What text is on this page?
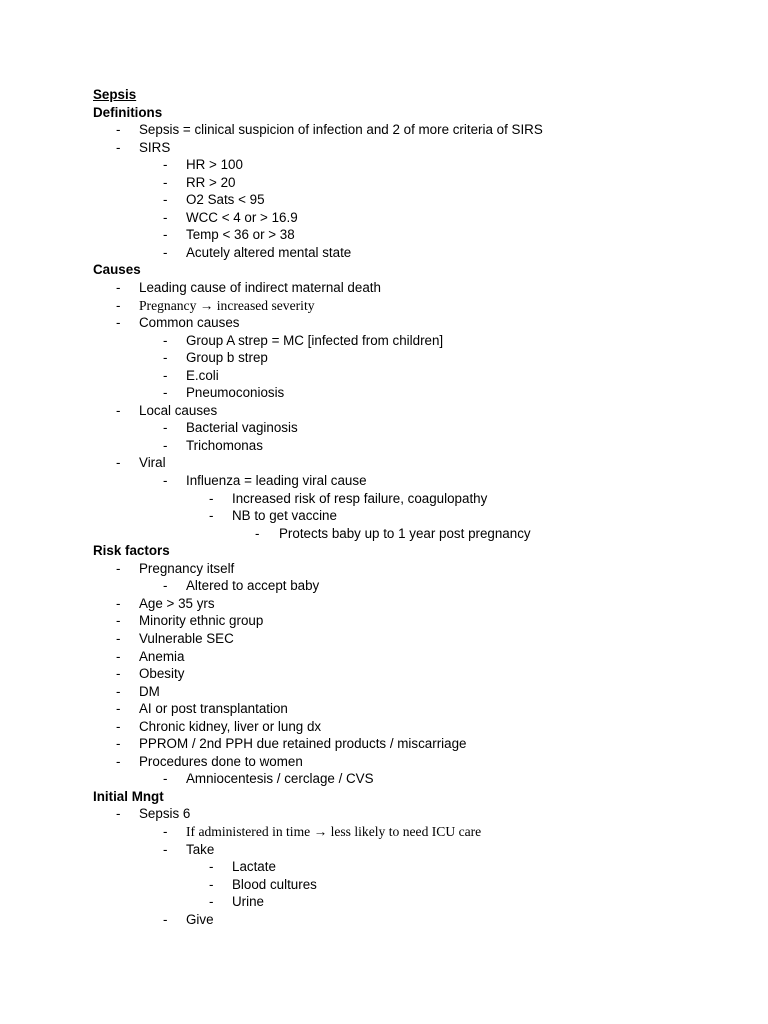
Sepsis
Definitions
- Sepsis = clinical suspicion of infection and 2 of more criteria of SIRS
- SIRS
- HR > 100
- RR > 20
- O2 Sats < 95
- WCC < 4 or > 16.9
- Temp < 36 or > 38
- Acutely altered mental state
Causes
- Leading cause of indirect maternal death
- Pregnancy → increased severity
- Common causes
- Group A strep = MC [infected from children]
- Group b strep
- E.coli
- Pneumoconiosis
- Local causes
- Bacterial vaginosis
- Trichomonas
- Viral
- Influenza = leading viral cause
- Increased risk of resp failure, coagulopathy
- NB to get vaccine
- Protects baby up to 1 year post pregnancy
Risk factors
- Pregnancy itself
- Altered to accept baby
- Age > 35 yrs
- Minority ethnic group
- Vulnerable SEC
- Anemia
- Obesity
- DM
- AI or post transplantation
- Chronic kidney, liver or lung dx
- PPROM / 2nd PPH due retained products / miscarriage
- Procedures done to women
- Amniocentesis / cerclage / CVS
Initial Mngt
- Sepsis 6
- If administered in time → less likely to need ICU care
- Take
- Lactate
- Blood cultures
- Urine
- Give
